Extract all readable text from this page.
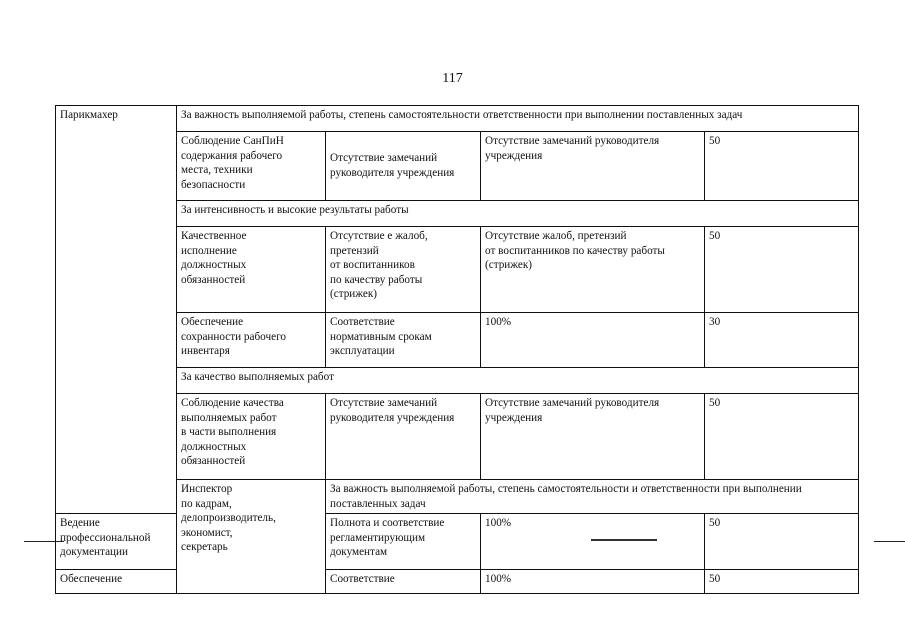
117
Парикмахер	За важность выполняемой работы, степень самостоятельности ответственности при выполнении поставленных задач			

	Соблюдение СанПиН
содержания рабочего
места, техники
безопасности	Отсутствие замечаний
руководителя учреждения	Отсутствие замечаний руководителя
учреждения	50

	За интенсивность и высокие результаты работы			

	Качественное
исполнение
должностных
обязанностей	Отсутствие е жалоб,
претензий
от воспитанников
по качеству работы
(стрижек)	Отсутствие жалоб, претензий
от воспитанников по качеству работы
(стрижек)	50

	Обеспечение
сохранности рабочего
инвентаря	Соответствие
нормативным срокам
эксплуатации	100%	30

	За качество выполняемых работ			

	Соблюдение качества
выполняемых работ
в части выполнения
должностных
обязанностей	Отсутствие замечаний
руководителя учреждения	Отсутствие замечаний руководителя
учреждения	50

	Инспектор
по кадрам,
делопроизводитель,
экономист,
секретарь	За важность выполняемой работы, степень самостоятельности и ответственности при выполнении поставленных задач		

Ведение
профессиональной
документации		Полнота и соответствие
регламентирующим
документам	100%	50

Обеспечение		Соответствие	100%	50
